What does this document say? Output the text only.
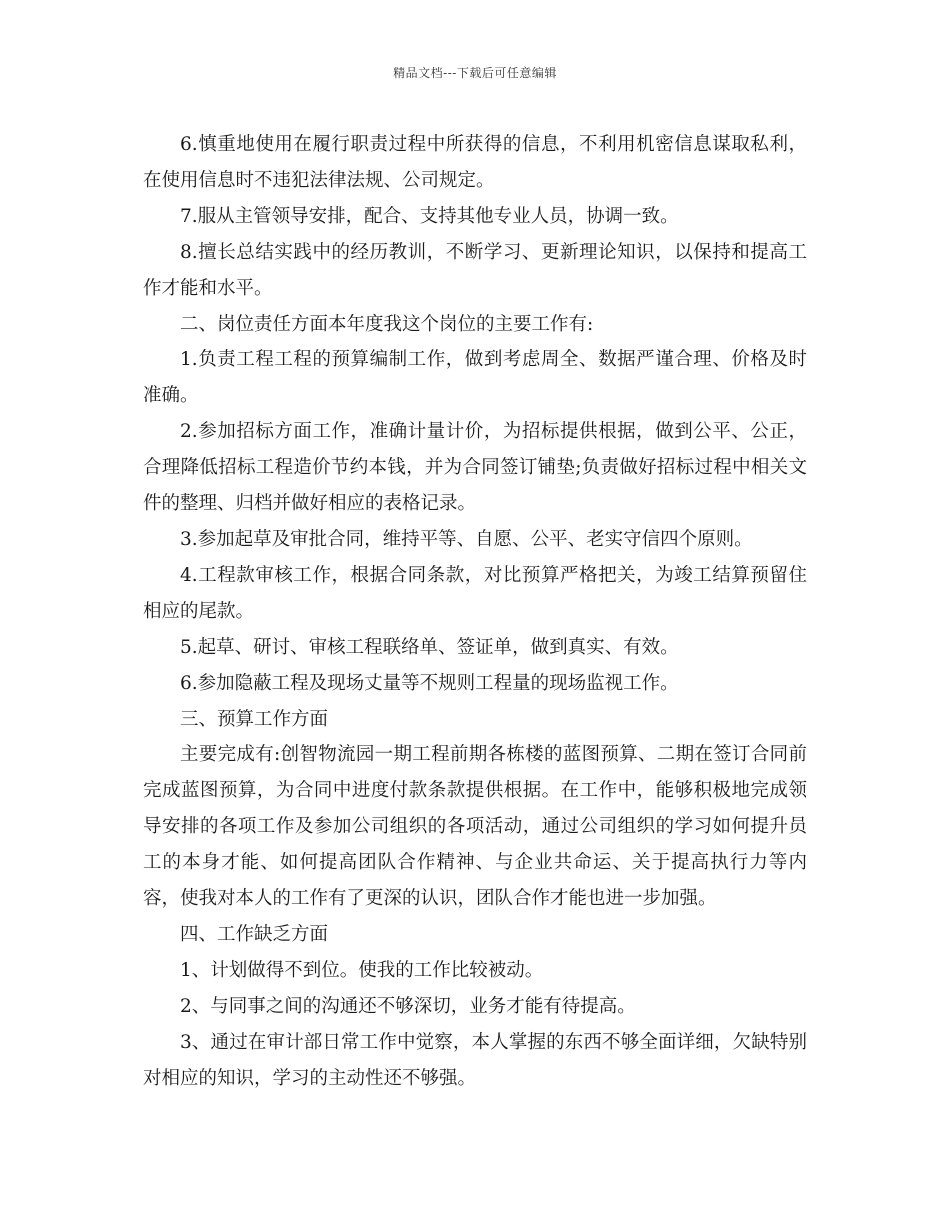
精品文档---下载后可任意编辑

6.慎重地使用在履行职责过程中所获得的信息，不利用机密信息谋取私利，在使用信息时不违犯法律法规、公司规定。

7.服从主管领导安排，配合、支持其他专业人员，协调一致。

8.擅长总结实践中的经历教训，不断学习、更新理论知识，以保持和提高工作才能和水平。

二、岗位责任方面本年度我这个岗位的主要工作有:

1.负责工程工程的预算编制工作，做到考虑周全、数据严谨合理、价格及时准确。

2.参加招标方面工作，准确计量计价，为招标提供根据，做到公平、公正，合理降低招标工程造价节约本钱，并为合同签订铺垫;负责做好招标过程中相关文件的整理、归档并做好相应的表格记录。

3.参加起草及审批合同，维持平等、自愿、公平、老实守信四个原则。

4.工程款审核工作，根据合同条款，对比预算严格把关，为竣工结算预留住相应的尾款。

5.起草、研讨、审核工程联络单、签证单，做到真实、有效。

6.参加隐蔽工程及现场丈量等不规则工程量的现场监视工作。

三、预算工作方面

主要完成有:创智物流园一期工程前期各栋楼的蓝图预算、二期在签订合同前完成蓝图预算，为合同中进度付款条款提供根据。在工作中，能够积极地完成领导安排的各项工作及参加公司组织的各项活动，通过公司组织的学习如何提升员工的本身才能、如何提高团队合作精神、与企业共命运、关于提高执行力等内容，使我对本人的工作有了更深的认识，团队合作才能也进一步加强。

四、工作缺乏方面

1、计划做得不到位。使我的工作比较被动。

2、与同事之间的沟通还不够深切，业务才能有待提高。

3、通过在审计部日常工作中觉察，本人掌握的东西不够全面详细，欠缺特别对相应的知识，学习的主动性还不够强。
